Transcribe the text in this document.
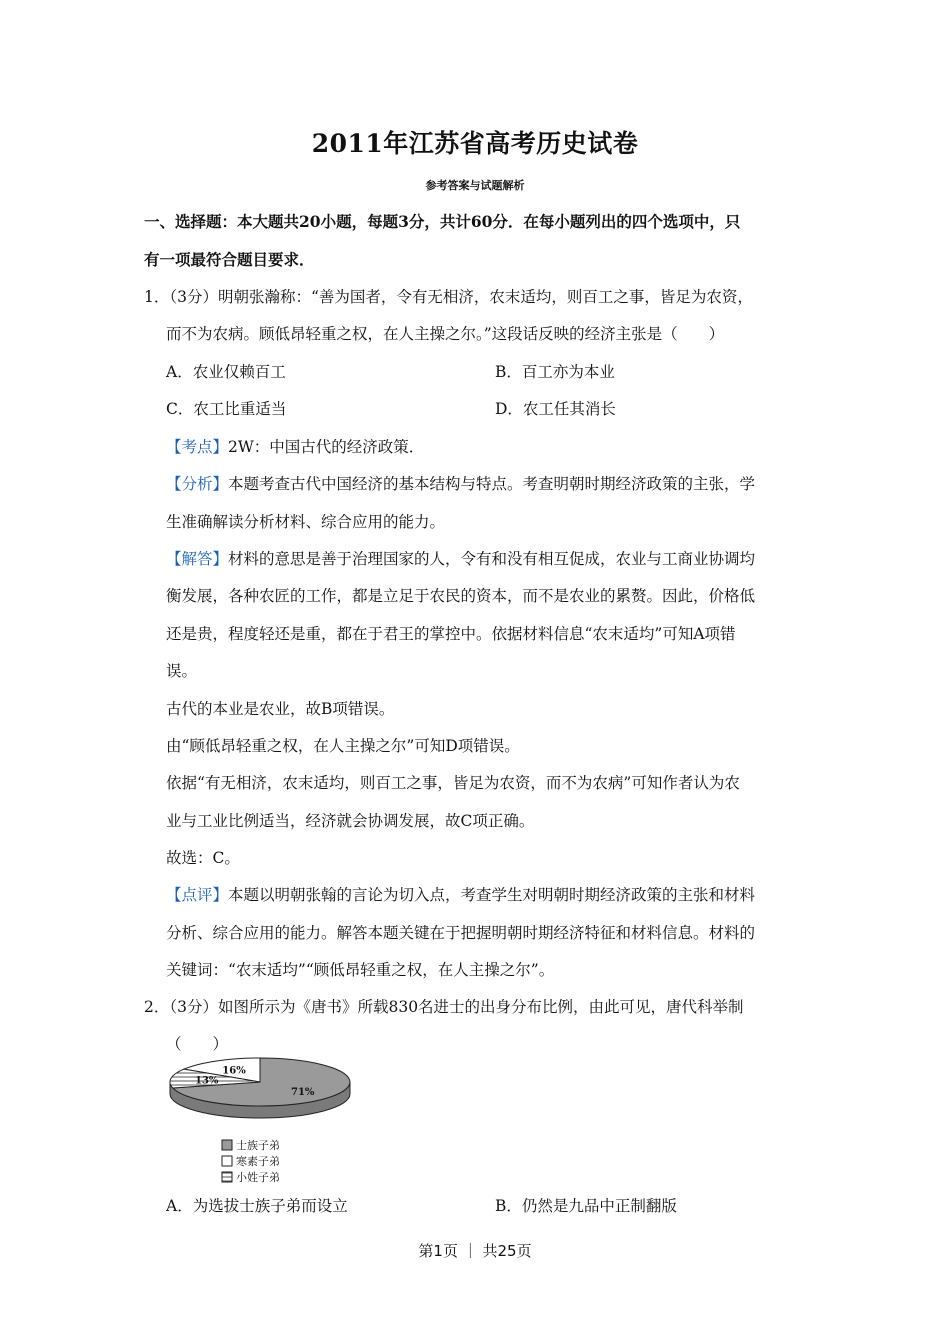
2011年江苏省高考历史试卷
参考答案与试题解析
一、选择题：本大题共20小题，每题3分，共计60分．在每小题列出的四个选项中，只
有一项最符合题目要求．
1．（3分）明朝张瀚称：“善为国者，令有无相济，农末适均，则百工之事，皆足为农资，
而不为农病。顾低昂轻重之权，在人主操之尔。”这段话反映的经济主张是（　　）
A．农业仅赖百工	B．百工亦为本业
C．农工比重适当	D．农工任其消长
【考点】2W：中国古代的经济政策．
【分析】本题考查古代中国经济的基本结构与特点。考查明朝时期经济政策的主张，学
生准确解读分析材料、综合应用的能力。
【解答】材料的意思是善于治理国家的人，令有和没有相互促成，农业与工商业协调均
衡发展，各种农匠的工作，都是立足于农民的资本，而不是农业的累赘。因此，价格低
还是贵，程度轻还是重，都在于君王的掌控中。依据材料信息“农末适均”可知A项错
误。
古代的本业是农业，故B项错误。
由“顾低昂轻重之权，在人主操之尔”可知D项错误。
依据“有无相济，农末适均，则百工之事，皆足为农资，而不为农病”可知作者认为农
业与工业比例适当，经济就会协调发展，故C项正确。
故选：C。
【点评】本题以明朝张翰的言论为切入点，考查学生对明朝时期经济政策的主张和材料
分析、综合应用的能力。解答本题关键在于把握明朝时期经济特征和材料信息。材料的
关键词：“农末适均”“顾低昂轻重之权，在人主操之尔”。
2．（3分）如图所示为《唐书》所载830名进士的出身分布比例，由此可见，唐代科举制
（　　）
16%
71%
13%
士族子弟
寒素子弟
小姓子弟
A．为选拔士族子弟而设立	B．仍然是九品中正制翻版
第1页 ｜ 共25页
